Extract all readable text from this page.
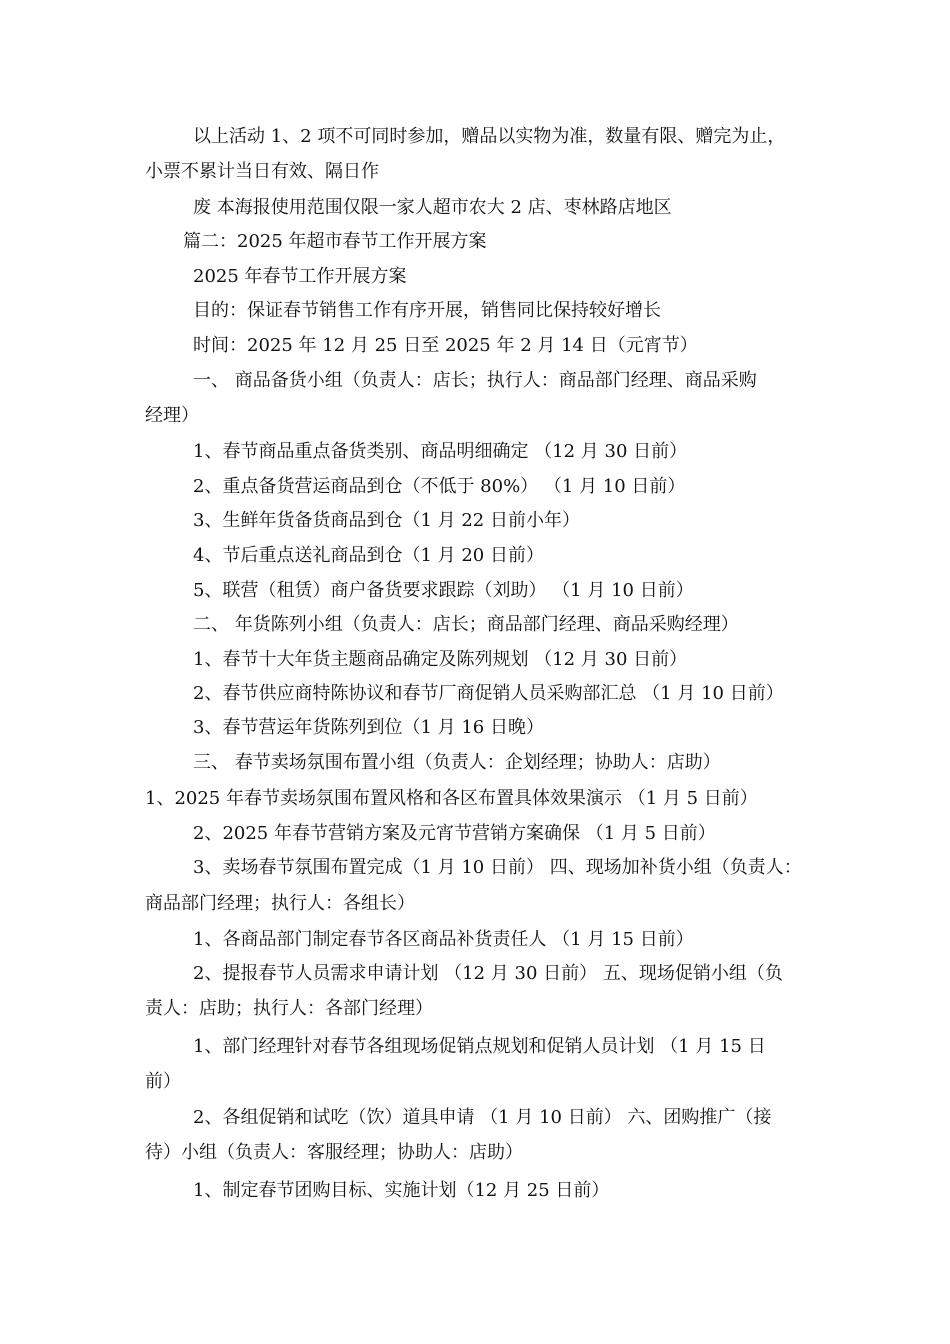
以上活动 1、2 项不可同时参加，赠品以实物为准，数量有限、赠完为止，
小票不累计当日有效、隔日作
废 本海报使用范围仅限一家人超市农大 2 店、枣林路店地区
篇二：2025 年超市春节工作开展方案
2025 年春节工作开展方案
目的：保证春节销售工作有序开展，销售同比保持较好增长
时间：2025 年 12 月 25 日至 2025 年 2 月 14 日（元宵节）
一、 商品备货小组（负责人：店长；执行人：商品部门经理、商品采购
经理）
1、春节商品重点备货类别、商品明细确定 （12 月 30 日前）
2、重点备货营运商品到仓（不低于 80%） （1 月 10 日前）
3、生鲜年货备货商品到仓（1 月 22 日前小年）
4、节后重点送礼商品到仓（1 月 20 日前）
5、联营（租赁）商户备货要求跟踪（刘助） （1 月 10 日前）
二、 年货陈列小组（负责人：店长；商品部门经理、商品采购经理）
1、春节十大年货主题商品确定及陈列规划 （12 月 30 日前）
2、春节供应商特陈协议和春节厂商促销人员采购部汇总 （1 月 10 日前）
3、春节营运年货陈列到位（1 月 16 日晚）
三、 春节卖场氛围布置小组（负责人：企划经理；协助人：店助）
1、2025 年春节卖场氛围布置风格和各区布置具体效果演示 （1 月 5 日前）
2、2025 年春节营销方案及元宵节营销方案确保 （1 月 5 日前）
3、卖场春节氛围布置完成（1 月 10 日前） 四、现场加补货小组（负责人：
商品部门经理；执行人：各组长）
1、各商品部门制定春节各区商品补货责任人 （1 月 15 日前）
2、提报春节人员需求申请计划 （12 月 30 日前） 五、现场促销小组（负
责人：店助；执行人：各部门经理）
1、部门经理针对春节各组现场促销点规划和促销人员计划 （1 月 15 日
前）
2、各组促销和试吃（饮）道具申请 （1 月 10 日前） 六、团购推广（接
待）小组（负责人：客服经理；协助人：店助）
1、制定春节团购目标、实施计划（12 月 25 日前）
